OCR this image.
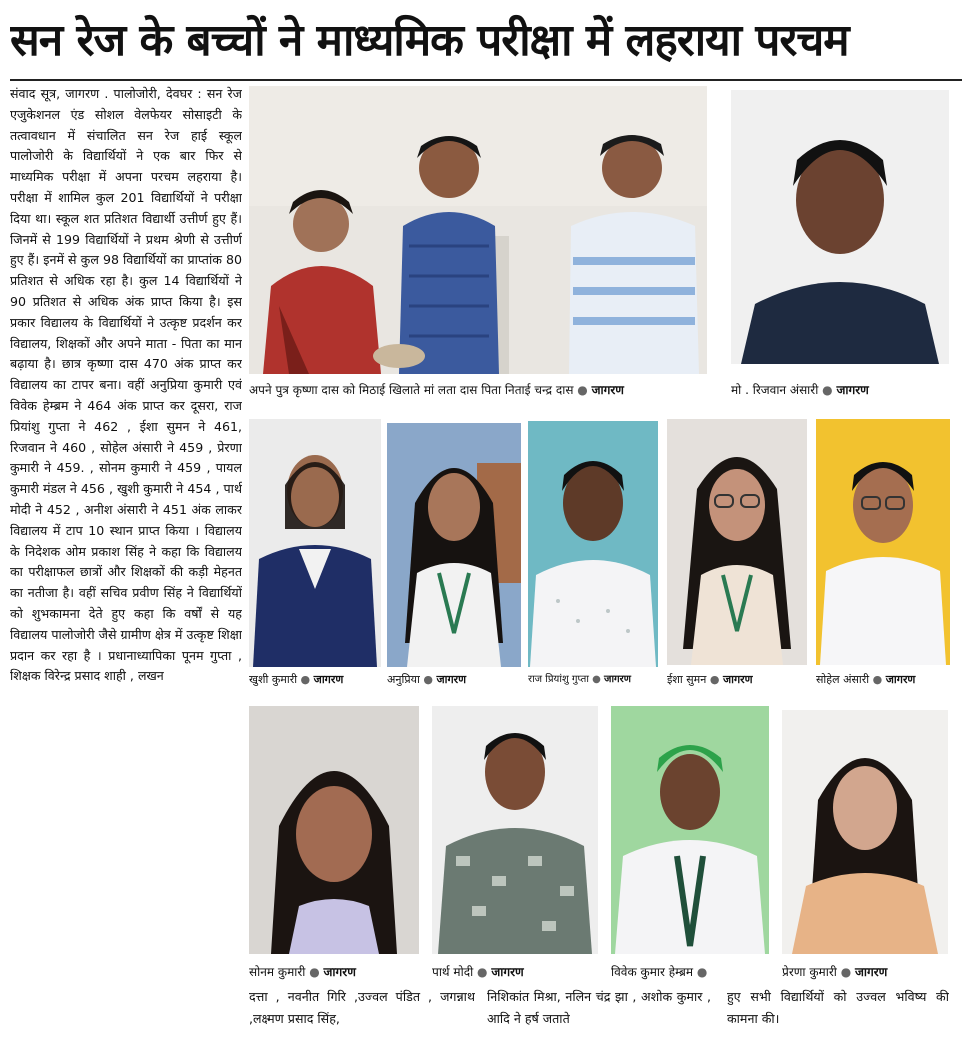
सन रेज के बच्चों ने माध्यमिक परीक्षा में लहराया परचम

संवाद सूत्र, जागरण . पालोजोरी, देवघर : सन रेज एजुकेशनल एंड सोशल वेलफेयर सोसाइटी के तत्वावधान में संचालित सन रेज हाई स्कूल पालोजोरी के विद्यार्थियों ने एक बार फिर से माध्यमिक परीक्षा में अपना परचम लहराया है। परीक्षा में शामिल कुल 201 विद्यार्थियों ने परीक्षा दिया था। स्कूल शत प्रतिशत विद्यार्थी उत्तीर्ण हुए हैं। जिनमें से 199 विद्यार्थियों ने प्रथम श्रेणी से उत्तीर्ण हुए हैं। इनमें से कुल 98 विद्यार्थियों का प्राप्तांक 80 प्रतिशत से अधिक रहा है। कुल 14 विद्यार्थियों ने 90 प्रतिशत से अधिक अंक प्राप्त किया है। इस प्रकार विद्यालय के विद्यार्थियों ने उत्कृष्ट प्रदर्शन कर विद्यालय, शिक्षकों और अपने माता - पिता का मान बढ़ाया है। छात्र कृष्णा दास 470 अंक प्राप्त कर विद्यालय का टापर बना। वहीं अनुप्रिया कुमारी एवं विवेक हेम्ब्रम ने 464 अंक प्राप्त कर दूसरा, राज प्रियांशु गुप्ता ने 462 , ईशा सुमन ने 461, रिजवान ने 460 , सोहेल अंसारी ने 459 , प्रेरणा कुमारी ने 459. , सोनम कुमारी ने 459 , पायल कुमारी मंडल ने 456 , खुशी कुमारी ने 454 , पार्थ मोदी ने 452 , अनीश अंसारी ने 451 अंक लाकर विद्यालय में टाप 10 स्थान प्राप्त किया । विद्यालय के निदेशक ओम प्रकाश सिंह ने कहा कि विद्यालय का परीक्षाफल छात्रों और शिक्षकों की कड़ी मेहनत का नतीजा है। वहीं सचिव प्रवीण सिंह ने विद्यार्थियों को शुभकामना देते हुए कहा कि वर्षों से यह विद्यालय पालोजोरी जैसे ग्रामीण क्षेत्र में उत्कृष्ट शिक्षा प्रदान कर रहा है । प्रधानाध्यापिका पूनम गुप्ता , शिक्षक विरेन्द्र प्रसाद शाही , लखन

अपने पुत्र कृष्णा दास को मिठाई खिलाते मां लता दास पिता निताई चन्द्र दास ● जागरण	मो . रिजवान अंसारी ● जागरण
खुशी कुमारी ● जागरण	अनुप्रिया ● जागरण	राज प्रियांशु गुप्ता ● जागरण	ईशा सुमन ● जागरण	सोहेल अंसारी ● जागरण
सोनम कुमारी ● जागरण	पार्थ मोदी ● जागरण	विवेक कुमार हेम्ब्रम ●	प्रेरणा कुमारी ● जागरण

दत्ता , नवनीत गिरि ,उज्वल पंडित , जगन्नाथ ,लक्ष्मण प्रसाद सिंह,

निशिकांत मिश्रा, नलिन चंद्र झा , अशोक कुमार , आदि ने हर्ष जताते

हुए सभी विद्यार्थियों को उज्वल भविष्य की कामना की।
